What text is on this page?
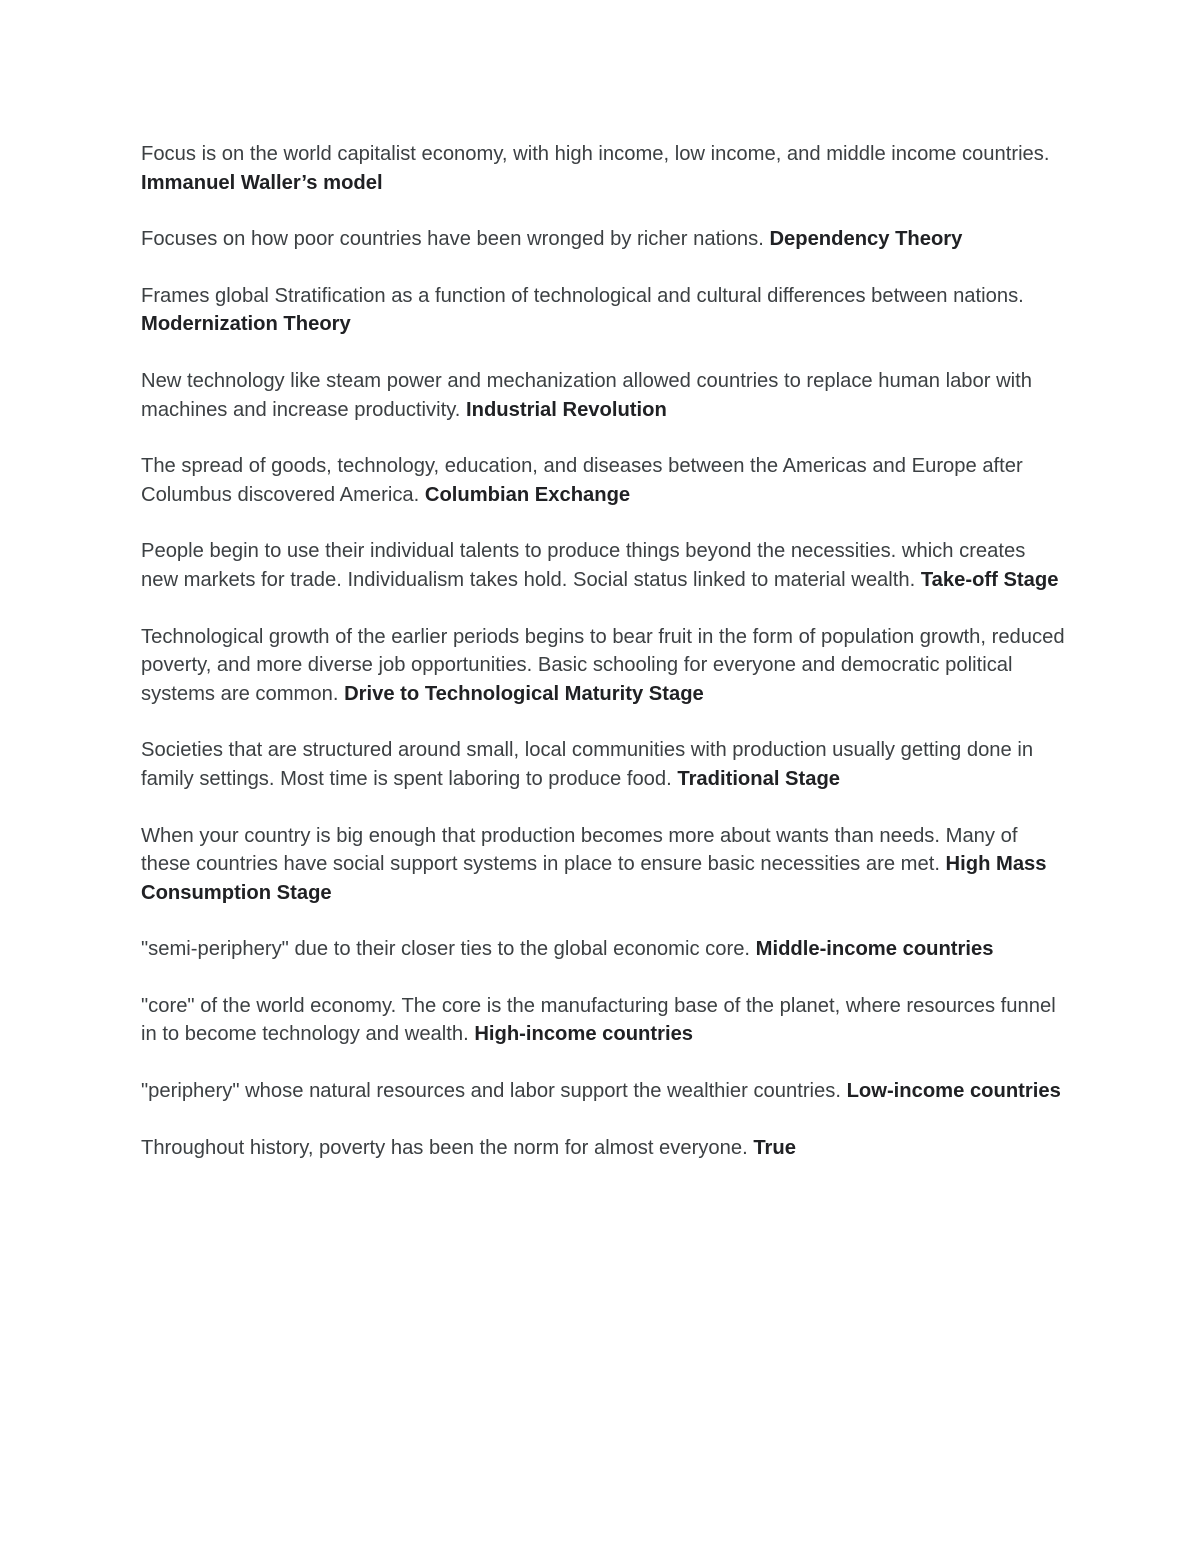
Focus is on the world capitalist economy, with high income, low income, and middle income countries. Immanuel Waller’s model

Focuses on how poor countries have been wronged by richer nations. Dependency Theory

Frames global Stratification as a function of technological and cultural differences between nations. Modernization Theory

New technology like steam power and mechanization allowed countries to replace human labor with machines and increase productivity. Industrial Revolution

The spread of goods, technology, education, and diseases between the Americas and Europe after Columbus discovered America. Columbian Exchange

People begin to use their individual talents to produce things beyond the necessities. which creates new markets for trade. Individualism takes hold. Social status linked to material wealth. Take-off Stage

Technological growth of the earlier periods begins to bear fruit in the form of population growth, reduced poverty, and more diverse job opportunities. Basic schooling for everyone and democratic political systems are common. Drive to Technological Maturity Stage

Societies that are structured around small, local communities with production usually getting done in family settings. Most time is spent laboring to produce food. Traditional Stage

When your country is big enough that production becomes more about wants than needs. Many of these countries have social support systems in place to ensure basic necessities are met. High Mass Consumption Stage

"semi-periphery" due to their closer ties to the global economic core. Middle-income countries

"core" of the world economy. The core is the manufacturing base of the planet, where resources funnel in to become technology and wealth. High-income countries

"periphery" whose natural resources and labor support the wealthier countries. Low-income countries

Throughout history, poverty has been the norm for almost everyone. True
